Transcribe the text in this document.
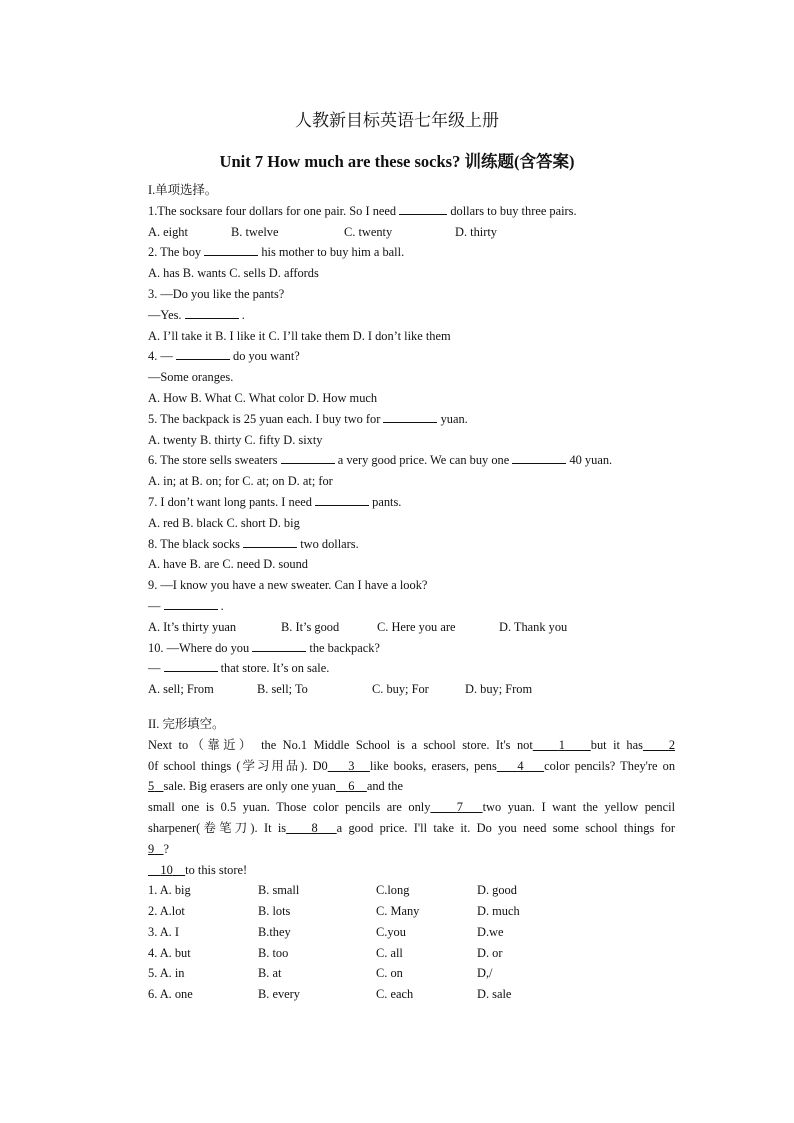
人教新目标英语七年级上册
Unit 7 How much are these socks? 训练题(含答案)
I.单项选择。
1.The socksare four dollars for one pair. So I need	dollars to buy three pairs.
A. eight	B. twelve	C. twenty	D. thirty
2. The boy	his mother to buy him a ball.
A. has B. wants C. sells D. affords
3. —Do you like the pants?
—Yes.	.
A. I’ll take it B. I like it C. I’ll take them D. I don’t like them
4. —	do you want?
—Some oranges.
A. How B. What C. What color D. How much
5. The backpack is 25 yuan each. I buy two for	yuan.
A. twenty B. thirty C. fifty D. sixty
6. The store sells sweaters	a very good price. We can buy one	40 yuan.
A. in; at B. on; for C. at; on D. at; for
7. I don’t want long pants. I need	pants.
A. red B. black C. short D. big
8. The black socks	two dollars.
A. have B. are C. need D. sound
9. —I know you have a new sweater. Can I have a look?
—	.
A. It’s thirty yuan	B. It’s good	C. Here you are	D. Thank you
10. —Where do you	the backpack?
—	that store. It’s on sale.
A. sell; From	B. sell; To	C. buy; For	D. buy; From
II. 完形填空。
Next to（靠近） the No.1 Middle School is a school store. It's not 1 but it has 2
0f school things (学习用品). D0 3 like books, erasers, pens 4 color pencils? They're on
5 sale. Big erasers are only one yuan 6 and the
small one is 0.5 yuan. Those color pencils are only 7 two yuan. I want the yellow pencil
sharpener(卷笔刀). It is 8 a good price. I'll take it. Do you need some school things for
9 ?
10 to this store!
1. A. big	B. small	C.long	D. good
2. A.lot	B. lots	C. Many	D. much
3. A. I	B.they	C.you	D.we
4. A. but	B. too	C. all	D. or
5. A. in	B. at	C. on	D,/
6. A. one	B. every	C. each	D. sale
